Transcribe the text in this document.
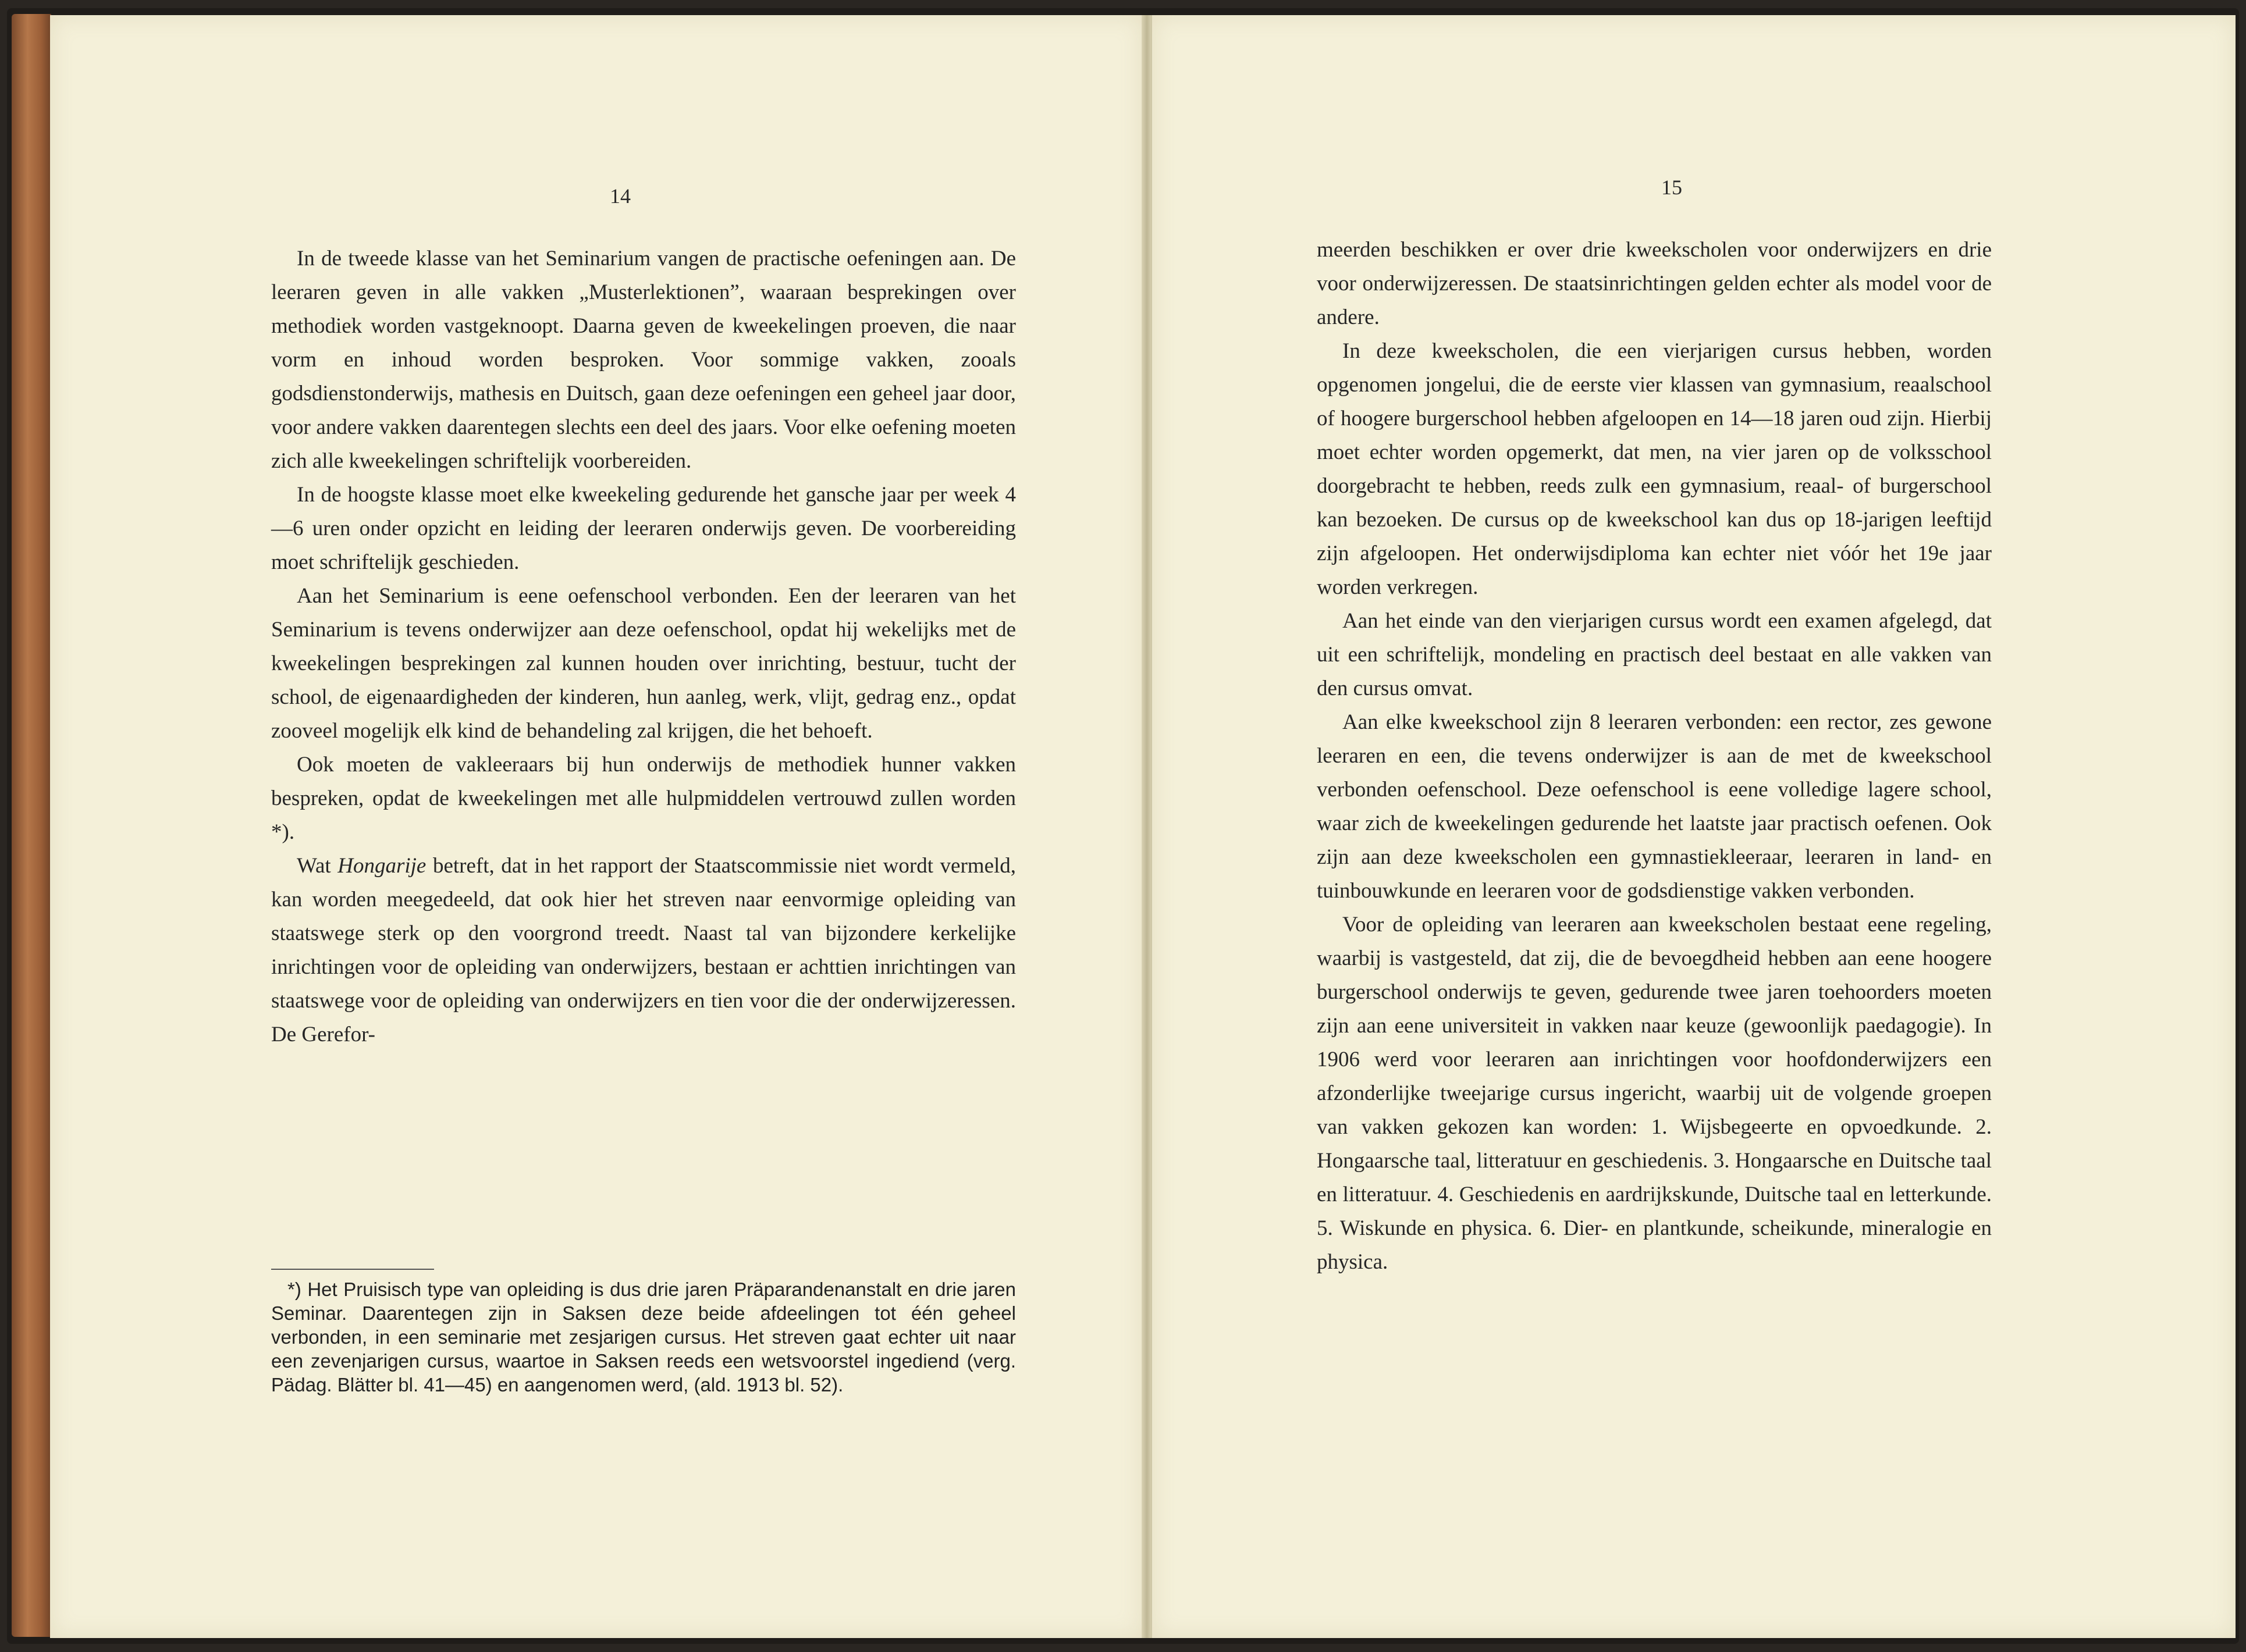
14

In de tweede klasse van het Seminarium vangen de practische oefeningen aan. De leeraren geven in alle vakken „Musterlektionen”, waaraan besprekingen over methodiek worden vastgeknoopt. Daarna geven de kweekelingen proeven, die naar vorm en inhoud worden besproken. Voor sommige vakken, zooals godsdienstonderwijs, mathesis en Duitsch, gaan deze oefeningen een geheel jaar door, voor andere vakken daarentegen slechts een deel des jaars. Voor elke oefening moeten zich alle kweekelingen schriftelijk voorbereiden.

In de hoogste klasse moet elke kweekeling gedurende het gansche jaar per week 4—6 uren onder opzicht en leiding der leeraren onderwijs geven. De voorbereiding moet schriftelijk geschieden.

Aan het Seminarium is eene oefenschool verbonden. Een der leeraren van het Seminarium is tevens onderwijzer aan deze oefenschool, opdat hij wekelijks met de kweekelingen besprekingen zal kunnen houden over inrichting, bestuur, tucht der school, de eigenaardigheden der kinderen, hun aanleg, werk, vlijt, gedrag enz., opdat zooveel mogelijk elk kind de behandeling zal krijgen, die het behoeft.

Ook moeten de vakleeraars bij hun onderwijs de methodiek hunner vakken bespreken, opdat de kweekelingen met alle hulpmiddelen vertrouwd zullen worden *).

Wat Hongarije betreft, dat in het rapport der Staatscommissie niet wordt vermeld, kan worden meegedeeld, dat ook hier het streven naar eenvormige opleiding van staatswege sterk op den voorgrond treedt. Naast tal van bijzondere kerkelijke inrichtingen voor de opleiding van onderwijzers, bestaan er achttien inrichtingen van staatswege voor de opleiding van onderwijzers en tien voor die der onderwijzeressen. De Gerefor-

*) Het Pruisisch type van opleiding is dus drie jaren Präparandenanstalt en drie jaren Seminar. Daarentegen zijn in Saksen deze beide afdeelingen tot één geheel verbonden, in een seminarie met zesjarigen cursus. Het streven gaat echter uit naar een zevenjarigen cursus, waartoe in Saksen reeds een wetsvoorstel ingediend (verg. Pädag. Blätter bl. 41—45) en aangenomen werd, (ald. 1913 bl. 52).

15

meerden beschikken er over drie kweekscholen voor onderwijzers en drie voor onderwijzeressen. De staatsinrichtingen gelden echter als model voor de andere.

In deze kweekscholen, die een vierjarigen cursus hebben, worden opgenomen jongelui, die de eerste vier klassen van gymnasium, reaalschool of hoogere burgerschool hebben afgeloopen en 14—18 jaren oud zijn. Hierbij moet echter worden opgemerkt, dat men, na vier jaren op de volksschool doorgebracht te hebben, reeds zulk een gymnasium, reaal- of burgerschool kan bezoeken. De cursus op de kweekschool kan dus op 18-jarigen leeftijd zijn afgeloopen. Het onderwijsdiploma kan echter niet vóór het 19e jaar worden verkregen.

Aan het einde van den vierjarigen cursus wordt een examen afgelegd, dat uit een schriftelijk, mondeling en practisch deel bestaat en alle vakken van den cursus omvat.

Aan elke kweekschool zijn 8 leeraren verbonden: een rector, zes gewone leeraren en een, die tevens onderwijzer is aan de met de kweekschool verbonden oefenschool. Deze oefenschool is eene volledige lagere school, waar zich de kweekelingen gedurende het laatste jaar practisch oefenen. Ook zijn aan deze kweekscholen een gymnastiekleeraar, leeraren in land- en tuinbouwkunde en leeraren voor de godsdienstige vakken verbonden.

Voor de opleiding van leeraren aan kweekscholen bestaat eene regeling, waarbij is vastgesteld, dat zij, die de bevoegdheid hebben aan eene hoogere burgerschool onderwijs te geven, gedurende twee jaren toehoorders moeten zijn aan eene universiteit in vakken naar keuze (gewoonlijk paedagogie). In 1906 werd voor leeraren aan inrichtingen voor hoofdonderwijzers een afzonderlijke tweejarige cursus ingericht, waarbij uit de volgende groepen van vakken gekozen kan worden: 1. Wijsbegeerte en opvoedkunde. 2. Hongaarsche taal, litteratuur en geschiedenis. 3. Hongaarsche en Duitsche taal en litteratuur. 4. Geschiedenis en aardrijkskunde, Duitsche taal en letterkunde. 5. Wiskunde en physica. 6. Dier- en plantkunde, scheikunde, mineralogie en physica.
